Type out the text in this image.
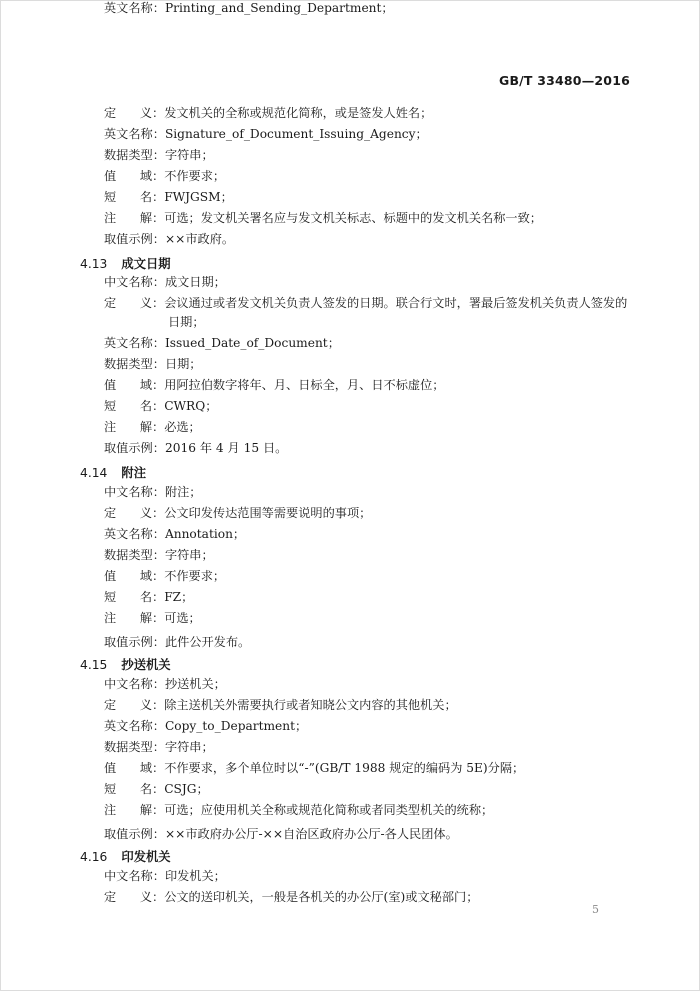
GB/T 33480—2016
定 义 ：发文机关的全称或规范化简称，或是签发人姓名；
英文名称：Signature_of_Document_Issuing_Agency；
数据类型：字符串；
值 域 ：不作要求；
短 名 ：FWJGSM；
注 解 ：可选；发文机关署名应与发文机关标志、标题中的发文机关名称一致；
取值示例：××市政府。
4.13 成文日期
中文名称：成文日期；
定 义 ：会议通过或者发文机关负责人签发的日期。联合行文时，署最后签发机关负责人签发的
日期；
英文名称：Issued_Date_of_Document；
数据类型：日期；
值 域 ：用阿拉伯数字将年、月、日标全，月、日不标虚位；
短 名 ：CWRQ；
注 解 ：必选；
取值示例：2016 年 4 月 15 日。
4.14 附注
中文名称：附注；
定 义 ：公文印发传达范围等需要说明的事项；
英文名称：Annotation；
数据类型：字符串；
值 域 ：不作要求；
短 名 ：FZ；
注 解 ：可选；
取值示例：此件公开发布。
4.15 抄送机关
中文名称：抄送机关；
定 义 ：除主送机关外需要执行或者知晓公文内容的其他机关；
英文名称：Copy_to_Department；
数据类型：字符串；
值 域 ：不作要求，多个单位时以“-”(GB/T 1988 规定的编码为 5E)分隔；
短 名 ：CSJG；
注 解 ：可选；应使用机关全称或规范化简称或者同类型机关的统称；
取值示例：××市政府办公厅-××自治区政府办公厅-各人民团体。
4.16 印发机关
中文名称：印发机关；
定 义 ：公文的送印机关，一般是各机关的办公厅(室)或文秘部门；
英文名称：Printing_and_Sending_Department；
5
